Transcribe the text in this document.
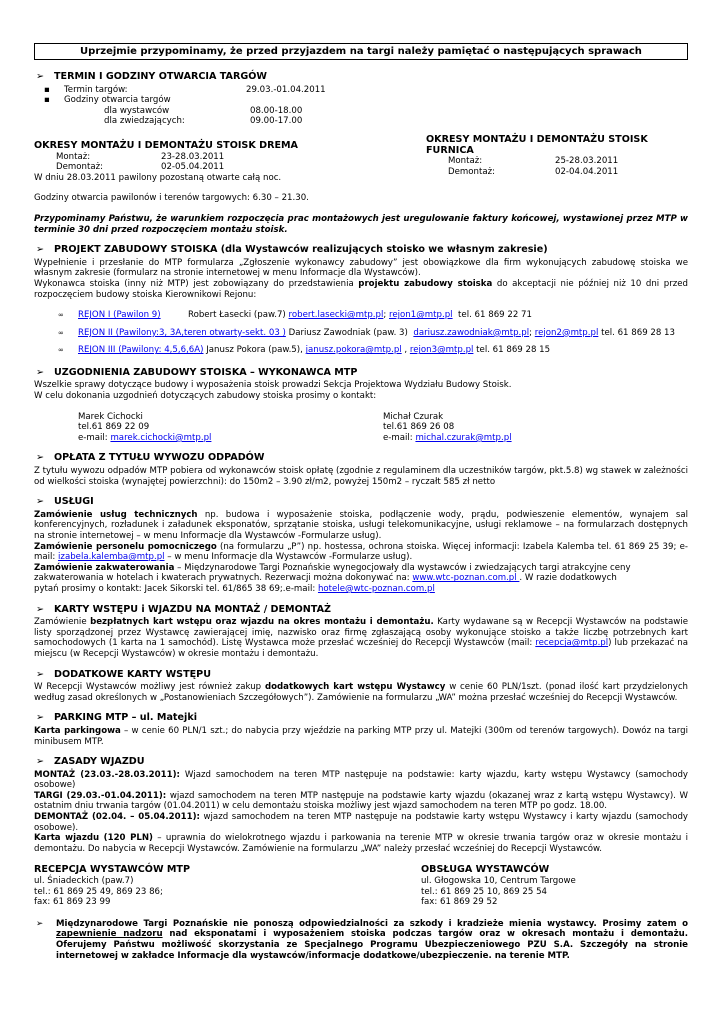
Uprzejmie przypominamy, że przed przyjazdem na targi należy pamiętać o następujących sprawach
➢ TERMIN I GODZINY OTWARCIA TARGÓW
▪	Termin targów:	29.03.-01.04.2011
▪	Godziny otwarcia targów
dla wystawców	08.00-18.00
dla zwiedzających:	09.00-17.00
OKRESY MONTAŻU I DEMONTAŻU STOISK DREMA
Montaż:	23-28.03.2011
Demontaż:	02-05.04.2011
W dniu 28.03.2011 pawilony pozostaną otwarte całą noc.
OKRESY MONTAŻU I DEMONTAŻU STOISK FURNICA
Montaż:	25-28.03.2011
Demontaż:	02-04.04.2011
Godziny otwarcia pawilonów i terenów targowych: 6.30 – 21.30.
Przypominamy Państwu, że warunkiem rozpoczęcia prac montażowych jest uregulowanie faktury końcowej, wystawionej przez MTP w terminie 30 dni przed rozpoczęciem montażu stoisk.
➢ PROJEKT ZABUDOWY STOISKA (dla Wystawców realizujących stoisko we własnym zakresie)
Wypełnienie i przesłanie do MTP formularza „Zgłoszenie wykonawcy zabudowy” jest obowiązkowe dla firm wykonujących zabudowę stoiska we własnym zakresie (formularz na stronie internetowej w menu Informacje dla Wystawców).
Wykonawca stoiska (inny niż MTP) jest zobowiązany do przedstawienia projektu zabudowy stoiska do akceptacji nie później niż 10 dni przed rozpoczęciem budowy stoiska Kierownikowi Rejonu:
∞	REJON I (Pawilon 9)	Robert Łasecki (paw.7)
robert.lasecki@mtp.pl ; rejon1@mtp.pl
tel. 61 869 22 71
∞	REJON II (Pawilony:3, 3A,teren otwarty-sekt. 03 )
Dariusz Zawodniak (paw. 3)
dariusz.zawodniak@mtp.pl ; rejon2@mtp.pl
tel. 61 869 28 13
∞	REJON III (Pawilony: 4,5,6,6A)
Janusz Pokora (paw.5),
janusz.pokora@mtp.pl , rejon3@mtp.pl
tel. 61 869 28 15
➢ UZGODNIENIA ZABUDOWY STOISKA – WYKONAWCA MTP
Wszelkie sprawy dotyczące budowy i wyposażenia stoisk prowadzi Sekcja Projektowa Wydziału Budowy Stoisk.
W celu dokonania uzgodnień dotyczących zabudowy stoiska prosimy o kontakt:
Marek Cichocki
tel.61 869 22 09
e-mail: marek.cichocki@mtp.pl
Michał Czurak
tel.61 869 26 08
e-mail: michal.czurak@mtp.pl
➢ OPŁATA Z TYTUŁU WYWOZU ODPADÓW
Z tytułu wywozu odpadów MTP pobiera od wykonawców stoisk opłatę (zgodnie z regulaminem dla uczestników targów, pkt.5.8) wg stawek w zależności od wielkości stoiska (wynajętej powierzchni): do 150m2 – 3.90 zł/m2, powyżej 150m2 – ryczałt 585 zł netto
➢ USŁUGI
Zamówienie usług technicznych np. budowa i wyposażenie stoiska, podłączenie wody, prądu, podwieszenie elementów, wynajem sal konferencyjnych, rozładunek i załadunek eksponatów, sprzątanie stoiska, usługi telekomunikacyjne, usługi reklamowe – na formularzach dostępnych na stronie internetowej – w menu Informacje dla Wystawców -Formularze usług).
Zamówienie personelu pomocniczego (na formularzu „P”) np. hostessa, ochrona stoiska. Więcej informacji: Izabela Kalemba tel. 61 869 25 39; e-mail: izabela.kalemba@mtp.pl – w menu Informacje dla Wystawców -Formularze usług).
Zamówienie zakwaterowania – Międzynarodowe Targi Poznańskie wynegocjowały dla wystawców i zwiedzających targi atrakcyjne ceny zakwaterowania w hotelach i kwaterach prywatnych. Rezerwacji można dokonywać na: www.wtc-poznan.com.pl . W razie dodatkowych
pytań prosimy o kontakt: Jacek Sikorski tel. 61/865 38 69;.e-mail: hotele@wtc-poznan.com.pl
➢ KARTY WSTĘPU i WJAZDU NA MONTAŻ / DEMONTAŻ
Zamówienie bezpłatnych kart wstępu oraz wjazdu na okres montażu i demontażu. Karty wydawane są w Recepcji Wystawców na podstawie listy sporządzonej przez Wystawcę zawierającej imię, nazwisko oraz firmę zgłaszającą osoby wykonujące stoisko a także liczbę potrzebnych kart samochodowych (1 karta na 1 samochód). Listę Wystawca może przesłać wcześniej do Recepcji Wystawców (mail: recepcja@mtp.pl) lub przekazać na miejscu (w Recepcji Wystawców) w okresie montażu i demontażu.
➢ DODATKOWE KARTY WSTĘPU
W Recepcji Wystawców możliwy jest również zakup dodatkowych kart wstępu Wystawcy w cenie 60 PLN/1szt. (ponad ilość kart przydzielonych według zasad określonych w „Postanowieniach Szczegółowych”). Zamówienie na formularzu „WA” można przesłać wcześniej do Recepcji Wystawców.
➢ PARKING MTP – ul. Matejki
Karta parkingowa – w cenie 60 PLN/1 szt.; do nabycia przy wjeździe na parking MTP przy ul. Matejki (300m od terenów targowych). Dowóz na targi minibusem MTP.
➢ ZASADY WJAZDU
MONTAŻ (23.03.-28.03.2011): Wjazd samochodem na teren MTP następuje na podstawie: karty wjazdu, karty wstępu Wystawcy (samochody osobowe)
TARGI (29.03.-01.04.2011): wjazd samochodem na teren MTP następuje na podstawie karty wjazdu (okazanej wraz z kartą wstępu Wystawcy). W ostatnim dniu trwania targów (01.04.2011) w celu demontażu stoiska możliwy jest wjazd samochodem na teren MTP po godz. 18.00.
DEMONTAŻ (02.04. – 05.04.2011): wjazd samochodem na teren MTP następuje na podstawie karty wstępu Wystawcy i karty wjazdu (samochody osobowe).
Karta wjazdu (120 PLN) – uprawnia do wielokrotnego wjazdu i parkowania na terenie MTP w okresie trwania targów oraz w okresie montażu i demontażu. Do nabycia w Recepcji Wystawców. Zamówienie na formularzu „WA” należy przesłać wcześniej do Recepcji Wystawców.
RECEPCJA WYSTAWCÓW MTP
ul. Śniadeckich (paw.7)
tel.: 61 869 25 49, 869 23 86;
fax: 61 869 23 99
OBSŁUGA WYSTAWCÓW
ul. Głogowska 10, Centrum Targowe
tel.: 61 869 25 10, 869 25 54
fax: 61 869 29 52
➢	Międzynarodowe Targi Poznańskie nie ponoszą odpowiedzialności za szkody i kradzieże mienia wystawcy. Prosimy zatem o zapewnienie nadzoru nad eksponatami i wyposażeniem stoiska podczas targów oraz w okresach montażu i demontażu. Oferujemy Państwu możliwość skorzystania ze Specjalnego Programu Ubezpieczeniowego PZU S.A. Szczegóły na stronie internetowej w zakładce Informacje dla wystawców/informacje dodatkowe/ubezpieczenie. na terenie MTP.
